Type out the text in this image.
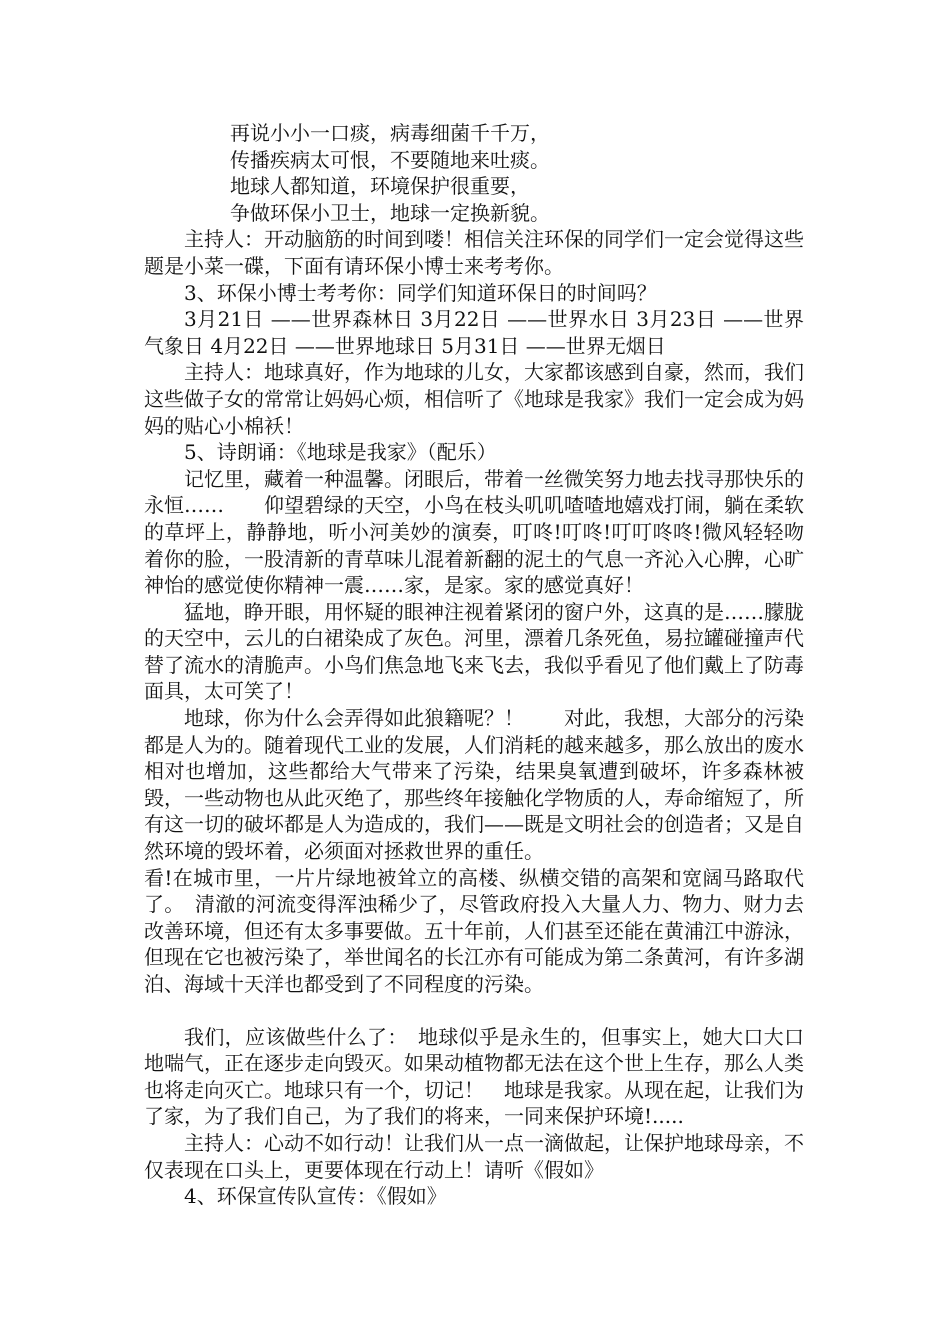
再说小小一口痰，病毒细菌千千万，
传播疾病太可恨，不要随地来吐痰。
地球人都知道，环境保护很重要，
争做环保小卫士，地球一定换新貌。

主持人：开动脑筋的时间到喽！相信关注环保的同学们一定会觉得这些题是小菜一碟，下面有请环保小博士来考考你。

3、环保小博士考考你：同学们知道环保日的时间吗？

3月21日 ——世界森林日 3月22日 ——世界水日 3月23日 ——世界气象日 4月22日 ——世界地球日 5月31日 ——世界无烟日

主持人：地球真好，作为地球的儿女，大家都该感到自豪，然而，我们这些做子女的常常让妈妈心烦，相信听了《地球是我家》我们一定会成为妈妈的贴心小棉袄！

5、诗朗诵：《地球是我家》（配乐）

记忆里，藏着一种温馨。闭眼后，带着一丝微笑努力地去找寻那快乐的永恒……　　仰望碧绿的天空，小鸟在枝头叽叽喳喳地嬉戏打闹，躺在柔软的草坪上，静静地，听小河美妙的演奏，叮咚!叮咚!叮叮咚咚!微风轻轻吻着你的脸，一股清新的青草味儿混着新翻的泥土的气息一齐沁入心脾，心旷神怡的感觉使你精神一震……家，是家。家的感觉真好！

猛地，睁开眼，用怀疑的眼神注视着紧闭的窗户外，这真的是……朦胧的天空中，云儿的白裙染成了灰色。河里，漂着几条死鱼，易拉罐碰撞声代替了流水的清脆声。小鸟们焦急地飞来飞去，我似乎看见了他们戴上了防毒面具，太可笑了！

地球，你为什么会弄得如此狼籍呢？！　　对此，我想，大部分的污染都是人为的。随着现代工业的发展，人们消耗的越来越多，那么放出的废水相对也增加，这些都给大气带来了污染，结果臭氧遭到破坏，许多森林被毁，一些动物也从此灭绝了，那些终年接触化学物质的人，寿命缩短了，所有这一切的破坏都是人为造成的，我们——既是文明社会的创造者；又是自然环境的毁坏着，必须面对拯救世界的重任。

看!在城市里，一片片绿地被耸立的高楼、纵横交错的高架和宽阔马路取代了。　清澈的河流变得浑浊稀少了，尽管政府投入大量人力、物力、财力去改善环境，但还有太多事要做。五十年前，人们甚至还能在黄浦江中游泳，但现在它也被污染了，举世闻名的长江亦有可能成为第二条黄河，有许多湖泊、海域十天洋也都受到了不同程度的污染。

我们，应该做些什么了：　地球似乎是永生的，但事实上，她大口大口地喘气，正在逐步走向毁灭。如果动植物都无法在这个世上生存，那么人类也将走向灭亡。地球只有一个，切记！　地球是我家。从现在起，让我们为了家，为了我们自己，为了我们的将来，一同来保护环境!.....

主持人：心动不如行动！让我们从一点一滴做起，让保护地球母亲，不仅表现在口头上，更要体现在行动上！请听《假如》

4、环保宣传队宣传：《假如》
